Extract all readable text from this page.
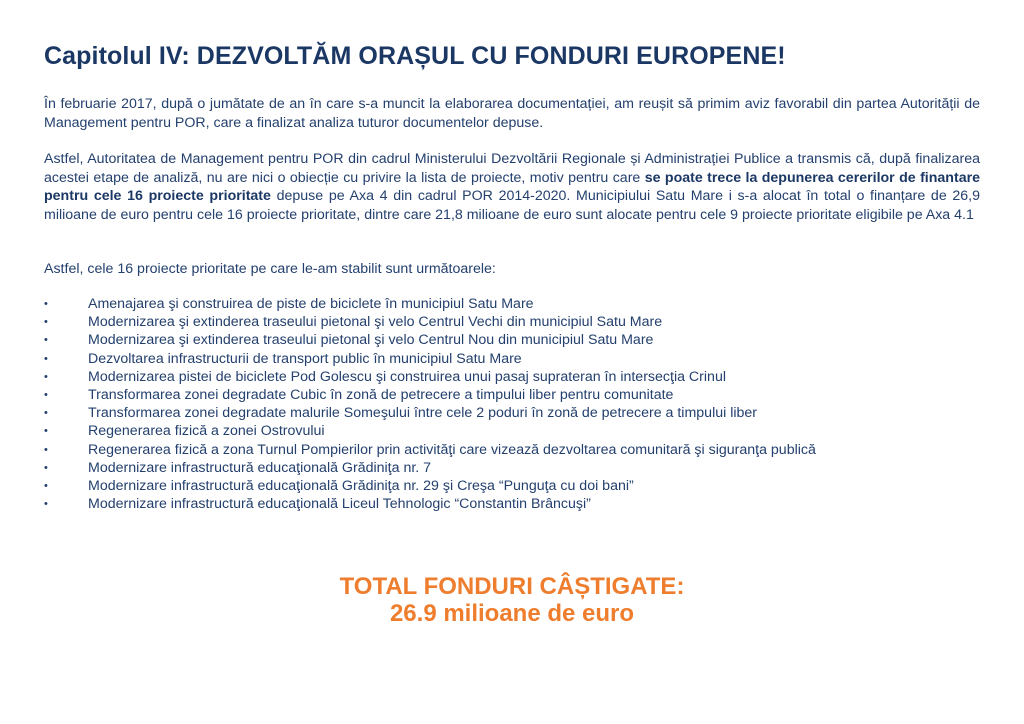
Capitolul IV: DEZVOLTĂM ORAȘUL CU FONDURI EUROPENE!

În februarie 2017, după o jumătate de an în care s-a muncit la elaborarea documentației, am reușit să primim aviz favorabil din partea Autorității de Management pentru POR, care a finalizat analiza tuturor documentelor depuse.

Astfel, Autoritatea de Management pentru POR din cadrul Ministerului Dezvoltării Regionale și Administrației Publice a transmis că, după finalizarea acestei etape de analiză, nu are nici o obiecție cu privire la lista de proiecte, motiv pentru care se poate trece la depunerea cererilor de finantare pentru cele 16 proiecte prioritate depuse pe Axa 4 din cadrul POR 2014-2020. Municipiului Satu Mare i s-a alocat în total o finanțare de 26,9 milioane de euro pentru cele 16 proiecte prioritate, dintre care 21,8 milioane de euro sunt alocate pentru cele 9 proiecte prioritate eligibile pe Axa 4.1

Astfel, cele 16 proiecte prioritate pe care le-am stabilit sunt următoarele:

•	Amenajarea şi construirea de piste de biciclete în municipiul Satu Mare
•	Modernizarea şi extinderea traseului pietonal şi velo Centrul Vechi din municipiul Satu Mare
•	Modernizarea şi extinderea traseului pietonal şi velo Centrul Nou din municipiul Satu Mare
•	Dezvoltarea infrastructurii de transport public în municipiul Satu Mare
•	Modernizarea pistei de biciclete Pod Golescu şi construirea unui pasaj suprateran în intersecţia Crinul
•	Transformarea zonei degradate Cubic în zonă de petrecere a timpului liber pentru comunitate
•	Transformarea zonei degradate malurile Someşului între cele 2 poduri în zonă de petrecere a timpului liber
•	Regenerarea fizică a zonei Ostrovului
•	Regenerarea fizică a zona Turnul Pompierilor prin activităţi care vizează dezvoltarea comunitară şi siguranţa publică
•	Modernizare infrastructură educaţională Grădiniţa nr. 7
•	Modernizare infrastructură educaţională Grădiniţa nr. 29 şi Creşa “Punguţa cu doi bani”
•	Modernizare infrastructură educaţională Liceul Tehnologic “Constantin Brâncuşi”
TOTAL FONDURI CÂȘTIGATE:
26.9 milioane de euro
